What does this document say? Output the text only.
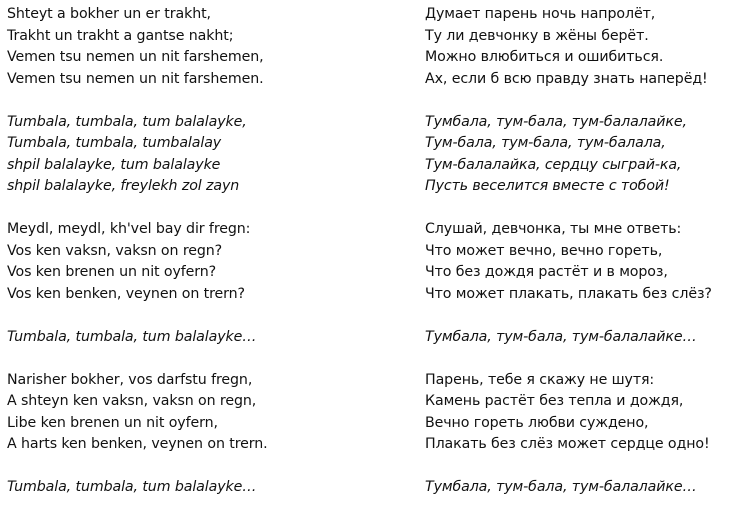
Shteyt a bokher un er trakht,
Trakht un trakht a gantse nakht;
Vemen tsu nemen un nit farshemen,
Vemen tsu nemen un nit farshemen.
Tumbala, tumbala, tum balalayke,
Tumbala, tumbala, tumbalalay
shpil balalayke, tum balalayke
shpil balalayke, freylekh zol zayn
Meydl, meydl, kh'vel bay dir fregn:
Vos ken vaksn, vaksn on regn?
Vos ken brenen un nit oyfern?
Vos ken benken, veynen on trern?
Tumbala, tumbala, tum balalayke…
Narisher bokher, vos darfstu fregn,
A shteyn ken vaksn, vaksn on regn,
Libe ken brenen un nit oyfern,
A harts ken benken, veynen on trern.
Tumbala, tumbala, tum balalayke…
Думает парень ночь напролёт,
Ту ли девчонку в жёны берёт.
Можно влюбиться и ошибиться.
Ах, если б всю правду знать наперёд!
Тумбала, тум-бала, тум-балалайке,
Тум-бала, тум-бала, тум-балала,
Тум-балалайка, сердцу сыграй-ка,
Пусть веселится вместе с тобой!
Слушай, девчонка, ты мне ответь:
Что может вечно, вечно гореть,
Что без дождя растёт и в мороз,
Что может плакать, плакать без слёз?
Тумбала, тум-бала, тум-балалайке…
Парень, тебе я скажу не шутя:
Камень растёт без тепла и дождя,
Вечно гореть любви суждено,
Плакать без слёз может сердце одно!
Тумбала, тум-бала, тум-балалайке…
